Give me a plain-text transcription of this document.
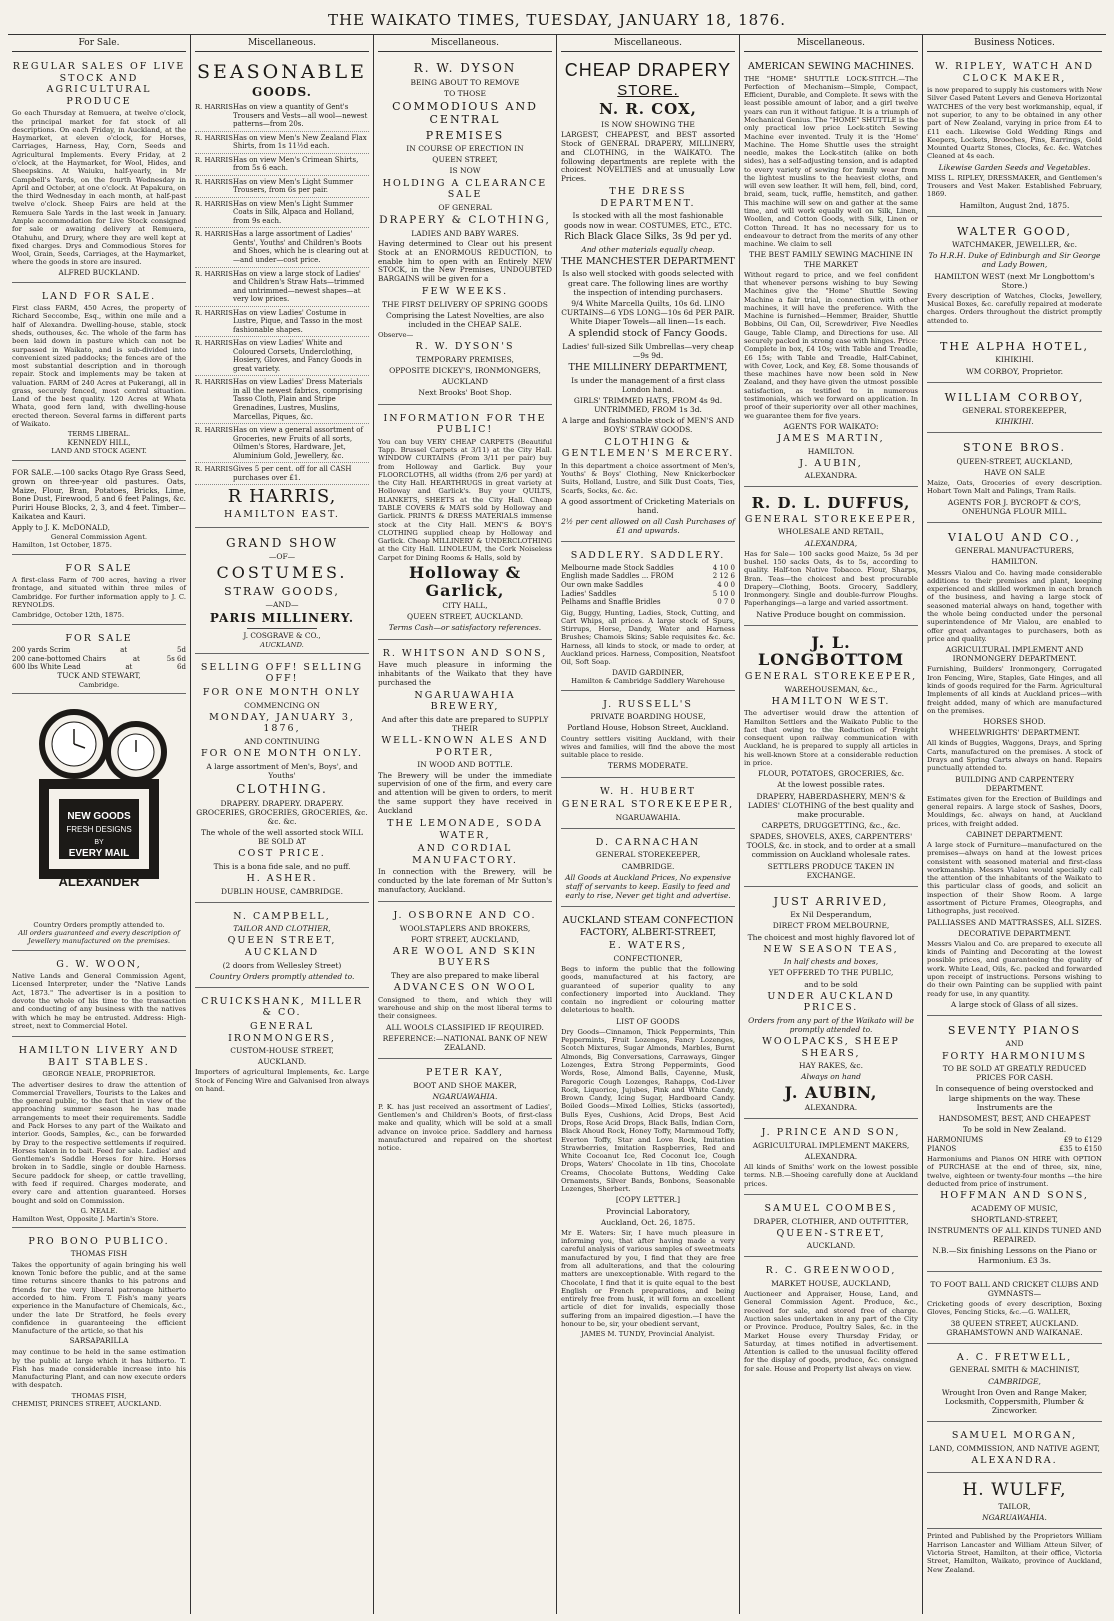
THE WAIKATO TIMES, TUESDAY, JANUARY 18, 1876.
For Sale.
REGULAR SALES OF LIVE STOCK AND AGRICULTURAL PRODUCE
Go each Thursday at Remuera, at twelve o'clock, the principal market for fat stock of all descriptions. On each Friday, in Auckland, at the Haymarket, at eleven o'clock, for Horses, Carriages, Harness, Hay, Corn, Seeds and Agricultural Implements. Every Friday, at 2 o'clock, at the Haymarket, for Wool, Hides, and Sheepskins. At Waiuku, half-yearly, in Mr Campbell's Yards, on the fourth Wednesday in April and October, at one o'clock. At Papakura, on the third Wednesday in each month, at half-past twelve o'clock. Sheep Fairs are held at the Remuera Sale Yards in the last week in January. Ample accommodation for Live Stock consigned for sale or awaiting delivery at Remuera, Otahuhu, and Drury, where they are well kept at fixed charges. Drys and Commodious Stores for Wool, Grain, Seeds, Carriages, at the Haymarket, where the goods in store are insured.
ALFRED BUCKLAND.
LAND FOR SALE.
First class FARM, 450 Acres, the property of Richard Seccombe, Esq., within one mile and a half of Alexandra. Dwelling-house, stable, stock sheds, outhouses, &c. The whole of the farm has been laid down in pasture which can not be surpassed in Waikato, and is sub-divided into convenient sized paddocks; the fences are of the most substantial description and in thorough repair. Stock and implements may be taken at valuation. FARM of 240 Acres at Pukerangi, all in grass, securely fenced, most central situation. Land of the best quality. 120 Acres at Whata Whata, good fern land, with dwelling-house erected thereon. Several farms in different parts of Waikato.
TERMS LIBERAL.
KENNEDY HILL,
LAND AND STOCK AGENT.
FOR SALE.—100 sacks Otago Rye Grass Seed, grown on three-year old pastures. Oats, Maize, Flour, Bran, Potatoes, Bricks, Lime, Bone Dust, Firewood, 5 and 6 feet Palings, &c. Puriri House Blocks, 2, 3, and 4 feet. Timber—Kaikatea and Kauri.
Apply to J. K. McDONALD,
General Commission Agent.
Hamilton, 1st October, 1875.
FOR SALE
A first-class Farm of 700 acres, having a river frontage, and situated within three miles of Cambridge. For further information apply to J. C. REYNOLDS.
Cambridge, October 12th, 1875.
FOR SALE
200 yards Scrim	at	5d
200 cane-bottomed Chairs	at	5s 6d
600 lbs White Lead	at	6d
TUCK AND STEWART,
Cambridge.
ALEXANDER
NEW GOODS
FRESH DESIGNS
BY
EVERY MAIL
Country Orders promptly attended to.
All orders guaranteed and every description of Jewellery manufactured on the premises.
G. W. WOON,
Native Lands and General Commission Agent, Licensed Interpreter, under the "Native Lands Act, 1873." The advertiser is in a position to devote the whole of his time to the transaction and conducting of any business with the natives with which he may be entrusted. Address: High-street, next to Commercial Hotel.
HAMILTON LIVERY AND BAIT STABLES.
GEORGE NEALE, PROPRIETOR.
The advertiser desires to draw the attention of Commercial Travellers, Tourists to the Lakes and the general public, to the fact that in view of the approaching summer season he has made arrangements to meet their requirements. Saddle and Pack Horses to any part of the Waikato and interior. Goods, Samples, &c., can be forwarded by Dray to the respective settlements if required. Horses taken in to bait. Feed for sale. Ladies' and Gentlemen's Saddle Horses for hire. Horses broken in to Saddle, single or double Harness. Secure paddock for sheep, or cattle travelling, with feed if required. Charges moderate, and every care and attention guaranteed. Horses bought and sold on Commission.
G. NEALE.
Hamilton West, Opposite J. Martin's Store.
PRO BONO PUBLICO.
THOMAS FISH
Takes the opportunity of again bringing his well known Tonic before the public, and at the same time returns sincere thanks to his patrons and friends for the very liberal patronage hitherto accorded to him. From T. Fish's many years experience in the Manufacture of Chemicals, &c., under the late Dr Stratford, he feels every confidence in guaranteeing the efficient Manufacture of the article, so that his
SARSAPARILLA
may continue to be held in the same estimation by the public at large which it has hitherto. T. Fish has made considerable increase into his Manufacturing Plant, and can now execute orders with despatch.
THOMAS FISH,
CHEMIST, PRINCES STREET, AUCKLAND.
Miscellaneous.
SEASONABLE
GOODS.
R. HARRIS Has on view a quantity of Gent's Trousers and Vests—all wool—newest patterns—from 20s.
R. HARRIS Has on view Men's New Zealand Flax Shirts, from 1s 11½d each.
R. HARRIS Has on view Men's Crimean Shirts, from 5s 6 each.
R. HARRIS Has on view Men's Light Summer Trousers, from 6s per pair.
R. HARRIS Has on view Men's Light Summer Coats in Silk, Alpaca and Holland, from 9s each.
R. HARRIS Has a large assortment of Ladies' Gents', Youths' and Children's Boots and Shoes, which he is clearing out at—and under—cost price.
R. HARRIS Has on view a large stock of Ladies' and Children's Straw Hats—trimmed and untrimmed—newest shapes—at very low prices.
R. HARRIS Has on view Ladies' Costume in Lustre, Pique, and Tasso in the most fashionable shapes.
R. HARRIS Has on view Ladies' White and Coloured Corsets, Underclothing, Hosiery, Gloves, and Fancy Goods in great variety.
R. HARRIS Has on view Ladies' Dress Materials in all the newest fabrics, comprising Tasso Cloth, Plain and Stripe Grenadines, Lustres, Muslins, Marcellas, Piques, &c.
R. HARRIS Has on view a general assortment of Groceries, new Fruits of all sorts, Oilmen's Stores, Hardware, Jet, Aluminium Gold, Jewellery, &c.
R. HARRIS Gives 5 per cent. off for all CASH purchases over £1.
R HARRIS,
HAMILTON EAST.
GRAND SHOW
—OF—
COSTUMES.
STRAW GOODS,
—AND—
PARIS MILLINERY.
J. COSGRAVE & CO.,
AUCKLAND.
SELLING OFF! SELLING OFF!
FOR ONE MONTH ONLY
COMMENCING ON
MONDAY, JANUARY 3, 1876,
AND CONTINUING
FOR ONE MONTH ONLY.
A large assortment of Men's, Boys', and Youths'
CLOTHING.
DRAPERY. DRAPERY. DRAPERY. GROCERIES, GROCERIES, GROCERIES, &c. &c. &c.
The whole of the well assorted stock WILL BE SOLD AT
COST PRICE.
This is a bona fide sale, and no puff.
H. ASHER.
DUBLIN HOUSE, CAMBRIDGE.
N. CAMPBELL,
TAILOR AND CLOTHIER,
QUEEN STREET, AUCKLAND
(2 doors from Wellesley Street)
Country Orders promptly attended to.
CRUICKSHANK, MILLER & CO.
GENERAL IRONMONGERS,
CUSTOM-HOUSE STREET,
AUCKLAND.
Importers of agricultural Implements, &c. Large Stock of Fencing Wire and Galvanised Iron always on hand.
Miscellaneous.
R. W. DYSON
BEING ABOUT TO REMOVE
TO THOSE
COMMODIOUS AND CENTRAL
PREMISES
IN COURSE OF ERECTION IN
QUEEN STREET,
IS NOW
HOLDING A CLEARANCE SALE
OF GENERAL
DRAPERY & CLOTHING,
LADIES AND BABY WARES.
Having determined to Clear out his present Stock at an ENORMOUS REDUCTION, to enable him to open with an Entirely NEW STOCK, in the New Premises, UNDOUBTED BARGAINS will be given for a
FEW WEEKS.
THE FIRST DELIVERY OF SPRING GOODS
Comprising the Latest Novelties, are also included in the CHEAP SALE.
Observe—
R. W. DYSON'S
TEMPORARY PREMISES,
OPPOSITE DICKEY'S, IRONMONGERS,
AUCKLAND
Next Brooks' Boot Shop.
INFORMATION FOR THE PUBLIC!
You can buy VERY CHEAP CARPETS (Beautiful Tapp. Brussel Carpets at 3/11) at the City Hall. WINDOW CURTAINS (From 3/11 per pair) buy from Holloway and Garlick. Buy your FLOORCLOTHS, all widths (from 2/6 per yard) at the City Hall. HEARTHRUGS in great variety at Holloway and Garlick's. Buy your QUILTS, BLANKETS, SHEETS at the City Hall. Cheap TABLE COVERS & MATS sold by Holloway and Garlick. PRINTS & DRESS MATERIALS immense stock at the City Hall. MEN'S & BOY'S CLOTHING supplied cheap by Holloway and Garlick. Cheap MILLINERY & UNDERCLOTHING at the City Hall. LINOLEUM, the Cork Noiseless Carpet for Dining Rooms & Halls, sold by
Holloway & Garlick,
CITY HALL,
QUEEN STREET, AUCKLAND.
Terms Cash—or satisfactory references.
R. WHITSON AND SONS,
Have much pleasure in informing the inhabitants of the Waikato that they have purchased the
NGARUAWAHIA BREWERY,
And after this date are prepared to SUPPLY THEIR
WELL-KNOWN ALES AND PORTER,
IN WOOD AND BOTTLE.
The Brewery will be under the immediate supervision of one of the firm, and every care and attention will be given to orders, to merit the same support they have received in Auckland
THE LEMONADE, SODA WATER,
AND CORDIAL MANUFACTORY.
In connection with the Brewery, will be conducted by the late foreman of Mr Sutton's manufactory, Auckland.
J. OSBORNE AND CO.
WOOLSTAPLERS AND BROKERS,
FORT STREET, AUCKLAND,
ARE WOOL AND SKIN BUYERS
They are also prepared to make liberal
ADVANCES ON WOOL
Consigned to them, and which they will warehouse and ship on the most liberal terms to their consignees.
ALL WOOLS CLASSIFIED IF REQUIRED.
REFERENCE:—NATIONAL BANK OF NEW ZEALAND.
PETER KAY,
BOOT AND SHOE MAKER,
NGARUAWAHIA.
P. K. has just received an assortment of Ladies', Gentlemen's and Children's Boots, of first-class make and quality, which will be sold at a small advance on invoice price. Saddlery and harness manufactured and repaired on the shortest notice.
Miscellaneous.
CHEAP DRAPERY
STORE.
N. R. COX,
IS NOW SHOWING THE
LARGEST, CHEAPEST, and BEST assorted Stock of GENERAL DRAPERY, MILLINERY, and CLOTHING, in the WAIKATO. The following departments are replete with the choicest NOVELTIES and at unusually Low Prices.
THE DRESS DEPARTMENT.
Is stocked with all the most fashionable goods now in wear. COSTUMES, ETC., ETC.
Rich Black Glace Silks, 3s 9d per yd.
And other materials equally cheap.
THE MANCHESTER DEPARTMENT
Is also well stocked with goods selected with great care. The following lines are worthy the inspection of intending purchasers.
9/4 White Marcella Quilts, 10s 6d. LINO CURTAINS—6 YDS LONG—10s 6d PER PAIR. White Diaper Towels—all linen—1s each.
A splendid stock of Fancy Goods.
Ladies' full-sized Silk Umbrellas—very cheap—9s 9d.
THE MILLINERY DEPARTMENT,
Is under the management of a first class London hand.
GIRLS' TRIMMED HATS, FROM 4s 9d. UNTRIMMED, FROM 1s 3d.
A large and fashionable stock of MEN'S AND BOYS' STRAW GOODS.
CLOTHING & GENTLEMEN'S MERCERY.
In this department a choice assortment of Men's, Youths' & Boys' Clothing, New Knickerbocker Suits, Holland, Lustre, and Silk Dust Coats, Ties, Scarfs, Socks, &c. &c.
A good assortment of Cricketing Materials on hand.
2½ per cent allowed on all Cash Purchases of £1 and upwards.
SADDLERY. SADDLERY.
Melbourne made Stock Saddles	4 10 0
English made Saddles ... FROM	2 12 6
Our own make Saddles	4 0 0
Ladies' Saddles	5 10 0
Pelhams and Snaffle Bridles	0 7 0
Gig, Buggy, Hunting, Ladies, Stock, Cutting, and Cart Whips, all prices. A large stock of Spurs, Stirrups, Horse, Dandy, Water and Harness Brushes; Chamois Skins; Sable requisites &c. &c. Harness, all kinds to stock, or made to order, at Auckland prices. Harness, Composition, Neatsfoot Oil, Soft Soap.
DAVID GARDINER,
Hamilton & Cambridge Saddlery Warehouse
J. RUSSELL'S
PRIVATE BOARDING HOUSE,
Portland House, Hobson Street, Auckland.
Country settlers visiting Auckland, with their wives and families, will find the above the most suitable place to reside.
TERMS MODERATE.
W. H. HUBERT
GENERAL STOREKEEPER,
NGARUAWAHIA.
D. CARNACHAN
GENERAL STOREKEEPER,
CAMBRIDGE.
All Goods at Auckland Prices, No expensive staff of servants to keep. Easily to feed and early to rise, Never get tight and advertise.
AUCKLAND STEAM CONFECTION FACTORY, ALBERT-STREET,
E. WATERS,
CONFECTIONER,
Begs to inform the public that the following goods, manufactured at his factory, are guaranteed of superior quality to any confectionery imported into Auckland. They contain no ingredient or colouring matter deleterious to health.
LIST OF GOODS
Dry Goods—Cinnamon, Thick Peppermints, Thin Peppermints, Fruit Lozenges, Fancy Lozenges, Scotch Mixtures, Sugar Almonds, Marbles, Burnt Almonds, Big Conversations, Carraways, Ginger Lozenges, Extra Strong Peppermints, Good Words, Rose, Almond Balls, Cayenne, Musk, Paregoric Cough Lozenges, Rahapps, Cod-Liver Rock, Liquorice, Jujubes, Pink and White Candy, Brown Candy, Icing Sugar, Hardboard Candy. Boiled Goods—Mixed Lollies, Sticks (assorted), Bulls Eyes, Cushions, Acid Drops, Best Acid Drops, Rose Acid Drops, Black Balls, Indian Corn, Black Ahoud Rock, Honey Toffy, Marmmoud Toffy, Everton Toffy, Star and Love Rock, Imitation Strawberries, Imitation Raspberries, Red and White Cocoanut Ice, Red Coconut Ice, Cough Drops, Waters' Chocolate in 1lb tins, Chocolate Creams, Chocolate Buttons, Wedding Cake Ornaments, Silver Bands, Bonbons, Seasonable Lozenges, Sherbert.
[COPY LETTER.]
Provincial Laboratory,
Auckland, Oct. 26, 1875.
Mr E. Waters: Sir, I have much pleasure in informing you, that after having made a very careful analysis of various samples of sweetmeats manufactured by you, I find that they are free from all adulterations, and that the colouring matters are unexceptionable. With regard to the Chocolate, I find that it is quite equal to the best English or French preparations, and being entirely free from husk, it will form an excellent article of diet for invalids, especially those suffering from an impaired digestion.—I have the honour to be, sir, your obedient servant,
JAMES M. TUNDY, Provincial Analyist.
Miscellaneous.
AMERICAN SEWING MACHINES.
THE "HOME" SHUTTLE LOCK-STITCH.—The Perfection of Mechanism—Simple, Compact, Efficient, Durable, and Complete. It sews with the least possible amount of labor, and a girl twelve years can run it without fatigue. It is a triumph of Mechanical Genius. The "HOME" SHUTTLE is the only practical low price Lock-stitch Sewing Machine ever invented. Truly it is the 'Home' Machine. The Home Shuttle uses the straight needle, makes the Lock-stitch (alike on both sides), has a self-adjusting tension, and is adapted to every variety of sewing for family wear from the lightest muslins to the heaviest cloths, and will even sew leather. It will hem, fell, bind, cord, braid, seam, tuck, ruffle, hemstitch, and gather. This machine will sew on and gather at the same time, and will work equally well on Silk, Linen, Woollen, and Cotton Goods, with Silk, Linen or Cotton Thread. It has no necessary for us to endeavour to detract from the merits of any other machine. We claim to sell
THE BEST FAMILY SEWING MACHINE IN THE MARKET
Without regard to price, and we feel confident that whenever persons wishing to buy Sewing Machines give the "Home" Shuttle Sewing Machine a fair trial, in connection with other machines, it will have the preference. With the Machine is furnished—Hemmer, Braider, Shuttle Bobbins, Oil Can, Oil, Screwdriver, Five Needles Gauge, Table Clamp, and Directions for use. All securely packed in strong case with hinges. Price: Complete in box, £4 10s; with Table and Treadle, £6 15s; with Table and Treadle, Half-Cabinet, with Cover, Lock, and Key, £8. Some thousands of these machines have now been sold in New Zealand, and they have given the utmost possible satisfaction, as testified to in numerous testimonials, which we forward on application. In proof of their superiority over all other machines, we guarantee them for five years.
AGENTS FOR WAIKATO:
JAMES MARTIN,
HAMILTON.
J. AUBIN,
ALEXANDRA.
R. D. L. DUFFUS,
GENERAL STOREKEEPER,
WHOLESALE AND RETAIL,
ALEXANDRA,
Has for Sale— 100 sacks good Maize, 5s 3d per bushel. 150 sacks Oats, 4s to 5s, according to quality. Half-ton Native Tobacco. Flour, Sharps, Bran. Teas—the choicest and best procurable Drapery—Clothing, Boots. Grocery, Saddlery, Ironmongery. Single and double-furrow Ploughs. Paperhangings—a large and varied assortment.
Native Produce bought on commission.
J. L. LONGBOTTOM
GENERAL STOREKEEPER,
WAREHOUSEMAN, &c.,
HAMILTON WEST.
The advertiser would draw the attention of Hamilton Settlers and the Waikato Public to the fact that owing to the Reduction of Freight consequent upon railway communication with Auckland, he is prepared to supply all articles in his well-known Store at a considerable reduction in price.
FLOUR, POTATOES, GROCERIES, &c.
At the lowest possible rates.
DRAPERY, HABERDASHERY, MEN'S & LADIES' CLOTHING of the best quality and make procurable.
CARPETS, DRUGGETTING, &c., &c.
SPADES, SHOVELS, AXES, CARPENTERS' TOOLS, &c. in stock, and to order at a small commission on Auckland wholesale rates.
SETTLERS PRODUCE TAKEN IN EXCHANGE.
JUST ARRIVED,
Ex Nil Desperandum,
DIRECT FROM MELBOURNE,
The choicest and most highly flavored lot of
NEW SEASON TEAS,
In half chests and boxes,
YET OFFERED TO THE PUBLIC,
and to be sold
UNDER AUCKLAND PRICES.
Orders from any part of the Waikato will be promptly attended to.
WOOLPACKS, SHEEP SHEARS,
HAY RAKES, &c.
Always on hand
J. AUBIN,
ALEXANDRA.
J. PRINCE AND SON,
AGRICULTURAL IMPLEMENT MAKERS,
ALEXANDRA.
All kinds of Smiths' work on the lowest possible terms. N.B.—Shoeing carefully done at Auckland prices.
SAMUEL COOMBES,
DRAPER, CLOTHIER, AND OUTFITTER,
QUEEN-STREET,
AUCKLAND.
R. C. GREENWOOD,
MARKET HOUSE, AUCKLAND,
Auctioneer and Appraiser, House, Land, and General Commission Agent. Produce, &c., received for sale, and stored free of charge. Auction sales undertaken in any part of the City or Province. Produce, Poultry Sales, &c. in the Market House every Thursday Friday, or Saturday, at times notified in advertisement. Attention is called to the unusual facility offered for the display of goods, produce, &c. consigned for sale. House and Property list always on view.
Business Notices.
W. RIPLEY, WATCH AND CLOCK MAKER,
is now prepared to supply his customers with New Silver Cased Patent Levers and Geneva Horizontal WATCHES of the very best workmanship, equal, if not superior, to any to be obtained in any other part of New Zealand, varying in price from £4 to £11 each. Likewise Gold Wedding Rings and Keepers, Lockets, Brooches, Pins, Earrings, Gold Mounted Quartz Stones, Clocks, &c. &c. Watches Cleaned at 4s each.
Likewise Garden Seeds and Vegetables.
MISS L. RIPLEY, DRESSMAKER, and Gentlemen's Trousers and Vest Maker. Established February, 1869.
Hamilton, August 2nd, 1875.
WALTER GOOD,
WATCHMAKER, JEWELLER, &c.
To H.R.H. Duke of Edinburgh and Sir George and Lady Bowen,
HAMILTON WEST (next Mr Longbottom's Store.)
Every description of Watches, Clocks, Jewellery, Musical Boxes, &c. carefully repaired at moderate charges. Orders throughout the district promptly attended to.
THE ALPHA HOTEL,
KIHIKIHI.
WM CORBOY, Proprietor.
WILLIAM CORBOY,
GENERAL STOREKEEPER,
KIHIKIHI.
STONE BROS.
QUEEN-STREET, AUCKLAND,
HAVE ON SALE
Maize, Oats, Groceries of every description. Hobart Town Malt and Palings, Tram Rails.
AGENTS FOR J. BYCROFT & CO'S, ONEHUNGA FLOUR MILL.
VIALOU AND CO.,
GENERAL MANUFACTURERS,
HAMILTON.
Messrs Vialou and Co. having made considerable additions to their premises and plant, keeping experienced and skilled workmen in each branch of the business, and having a large stock of seasoned material always on hand, together with the whole being conducted under the personal superintendence of Mr Vialou, are enabled to offer great advantages to purchasers, both as price and quality.
AGRICULTURAL IMPLEMENT AND IRONMONGERY DEPARTMENT.
Furnishing, Builders' Ironmongery, Corrugated Iron Fencing, Wire, Staples, Gate Hinges, and all kinds of goods required for the Farm. Agricultural Implements of all kinds at Auckland prices—with freight added, many of which are manufactured on the premises.
HORSES SHOD.
WHEELWRIGHTS' DEPARTMENT.
All kinds of Buggies, Waggons, Drays, and Spring Carts, manufactured on the premises. A stock of Drays and Spring Carts always on hand. Repairs punctually attended to.
BUILDING AND CARPENTERY DEPARTMENT.
Estimates given for the Erection of Buildings and general repairs. A large stock of Sashes, Doors, Mouldings, &c. always on hand, at Auckland prices, with freight added.
CABINET DEPARTMENT.
A large stock of Furniture—manufactured on the premises—always on hand at the lowest prices consistent with seasoned material and first-class workmanship. Messrs Vialou would specially call the attention of the inhabitants of the Waikato to this particular class of goods, and solicit an inspection of their Show Room. A large assortment of Picture Frames, Oleographs, and Lithographs, just received.
PALLIASSES AND MATTRASSES, ALL SIZES.
DECORATIVE DEPARTMENT.
Messrs Vialou and Co. are prepared to execute all kinds of Painting and Decorating at the lowest possible prices, and guaranteeing the quality of work. White Lead, Oils, &c. packed and forwarded upon receipt of instructions. Persons wishing to do their own Painting can be supplied with paint ready for use, in any quantity.
A large stock of Glass of all sizes.
SEVENTY PIANOS
AND
FORTY HARMONIUMS
TO BE SOLD AT GREATLY REDUCED PRICES FOR CASH.
In consequence of being overstocked and large shipments on the way. These Instruments are the
HANDSOMEST, BEST, AND CHEAPEST
To be sold in New Zealand.
HARMONIUMS	£9 to £129
PIANOS	£35 to £150
Harmoniums and Pianos ON HIRE with OPTION of PURCHASE at the end of three, six, nine, twelve, eighteen or twenty-four months —the hire deducted from price of instrument.
HOFFMAN AND SONS,
ACADEMY OF MUSIC,
SHORTLAND-STREET,
INSTRUMENTS OF ALL KINDS TUNED AND REPAIRED.
N.B.—Six finishing Lessons on the Piano or Harmonium. £3 3s.
TO FOOT BALL AND CRICKET CLUBS AND GYMNASTS—
Cricketing goods of every description, Boxing Gloves, Fencing Sticks, &c.—G. WALLER,
38 QUEEN STREET, AUCKLAND. GRAHAMSTOWN AND WAIKANAE.
A. C. FRETWELL,
GENERAL SMITH & MACHINIST,
CAMBRIDGE,
Wrought Iron Oven and Range Maker, Locksmith, Coppersmith, Plumber & Zincworker.
SAMUEL MORGAN,
LAND, COMMISSION, AND NATIVE AGENT,
ALEXANDRA.
H. WULFF,
TAILOR,
NGARUAWAHIA.
Printed and Published by the Proprietors William Harrison Lancaster and William Atteun Silver, of Victoria Street, Hamilton, at their office, Victoria Street, Hamilton, Waikato, province of Auckland, New Zealand.
